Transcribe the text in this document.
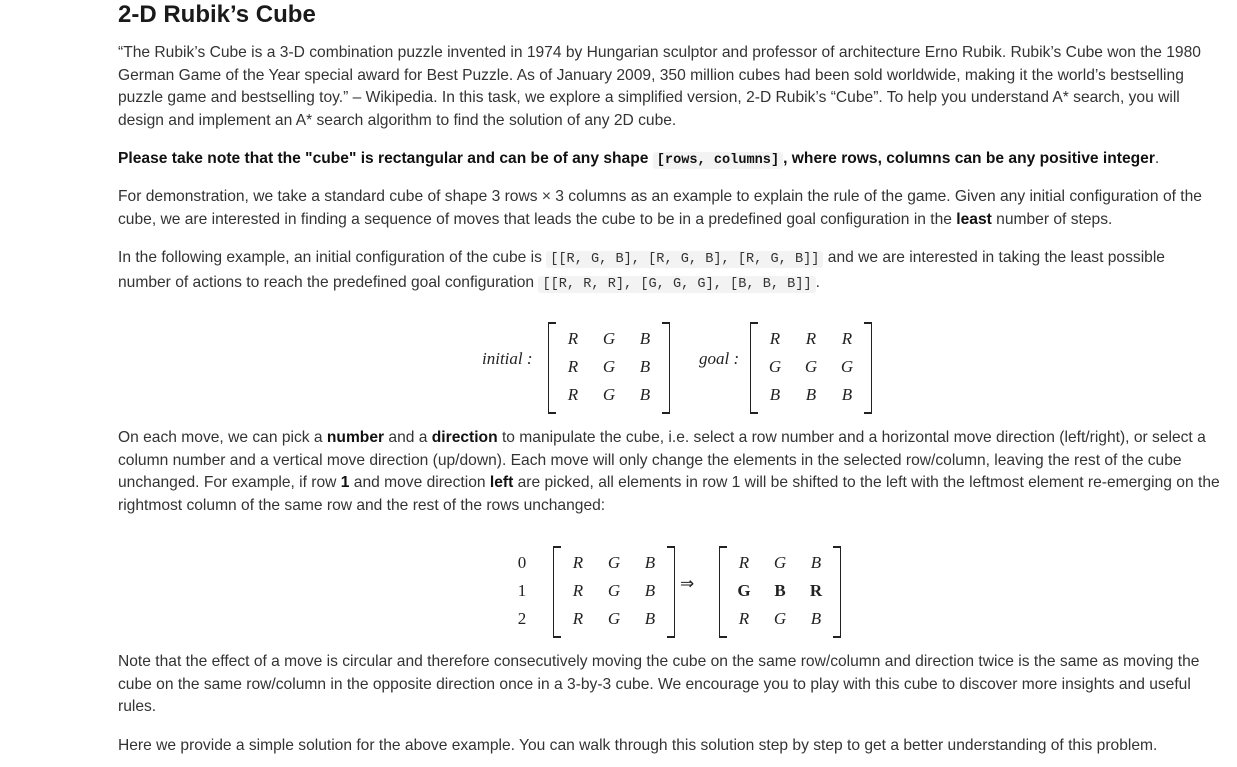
2-D Rubik’s Cube

“The Rubik’s Cube is a 3-D combination puzzle invented in 1974 by Hungarian sculptor and professor of architecture Erno Rubik. Rubik’s Cube won the 1980 German Game of the Year special award for Best Puzzle. As of January 2009, 350 million cubes had been sold worldwide, making it the world’s bestselling puzzle game and bestselling toy.” – Wikipedia. In this task, we explore a simplified version, 2-D Rubik’s “Cube”. To help you understand A* search, you will design and implement an A* search algorithm to find the solution of any 2D cube.

Please take note that the "cube" is rectangular and can be of any shape [rows, columns] , where rows, columns can be any positive integer.

For demonstration, we take a standard cube of shape 3 rows × 3 columns as an example to explain the rule of the game. Given any initial configuration of the cube, we are interested in finding a sequence of moves that leads the cube to be in a predefined goal configuration in the least number of steps.

In the following example, an initial configuration of the cube is [[R, G, B], [R, G, B], [R, G, B]] and we are interested in taking the least possible number of actions to reach the predefined goal configuration [[R, R, R], [G, G, G], [B, B, B]] .

On each move, we can pick a number and a direction to manipulate the cube, i.e. select a row number and a horizontal move direction (left/right), or select a column number and a vertical move direction (up/down). Each move will only change the elements in the selected row/column, leaving the rest of the cube unchanged. For example, if row 1 and move direction left are picked, all elements in row 1 will be shifted to the left with the leftmost element re-emerging on the rightmost column of the same row and the rest of the rows unchanged:

Note that the effect of a move is circular and therefore consecutively moving the cube on the same row/column and direction twice is the same as moving the cube on the same row/column in the opposite direction once in a 3-by-3 cube. We encourage you to play with this cube to discover more insights and useful rules.

Here we provide a simple solution for the above example. You can walk through this solution step by step to get a better understanding of this problem.

initial :
R	G	B
R	G	B
R	G	B
goal :
R	R	R
G	G	G
B	B	B
0
1
2
R	G	B
R	G	B
R	G	B
⇒
R	G	B
G	B	R
R	G	B
